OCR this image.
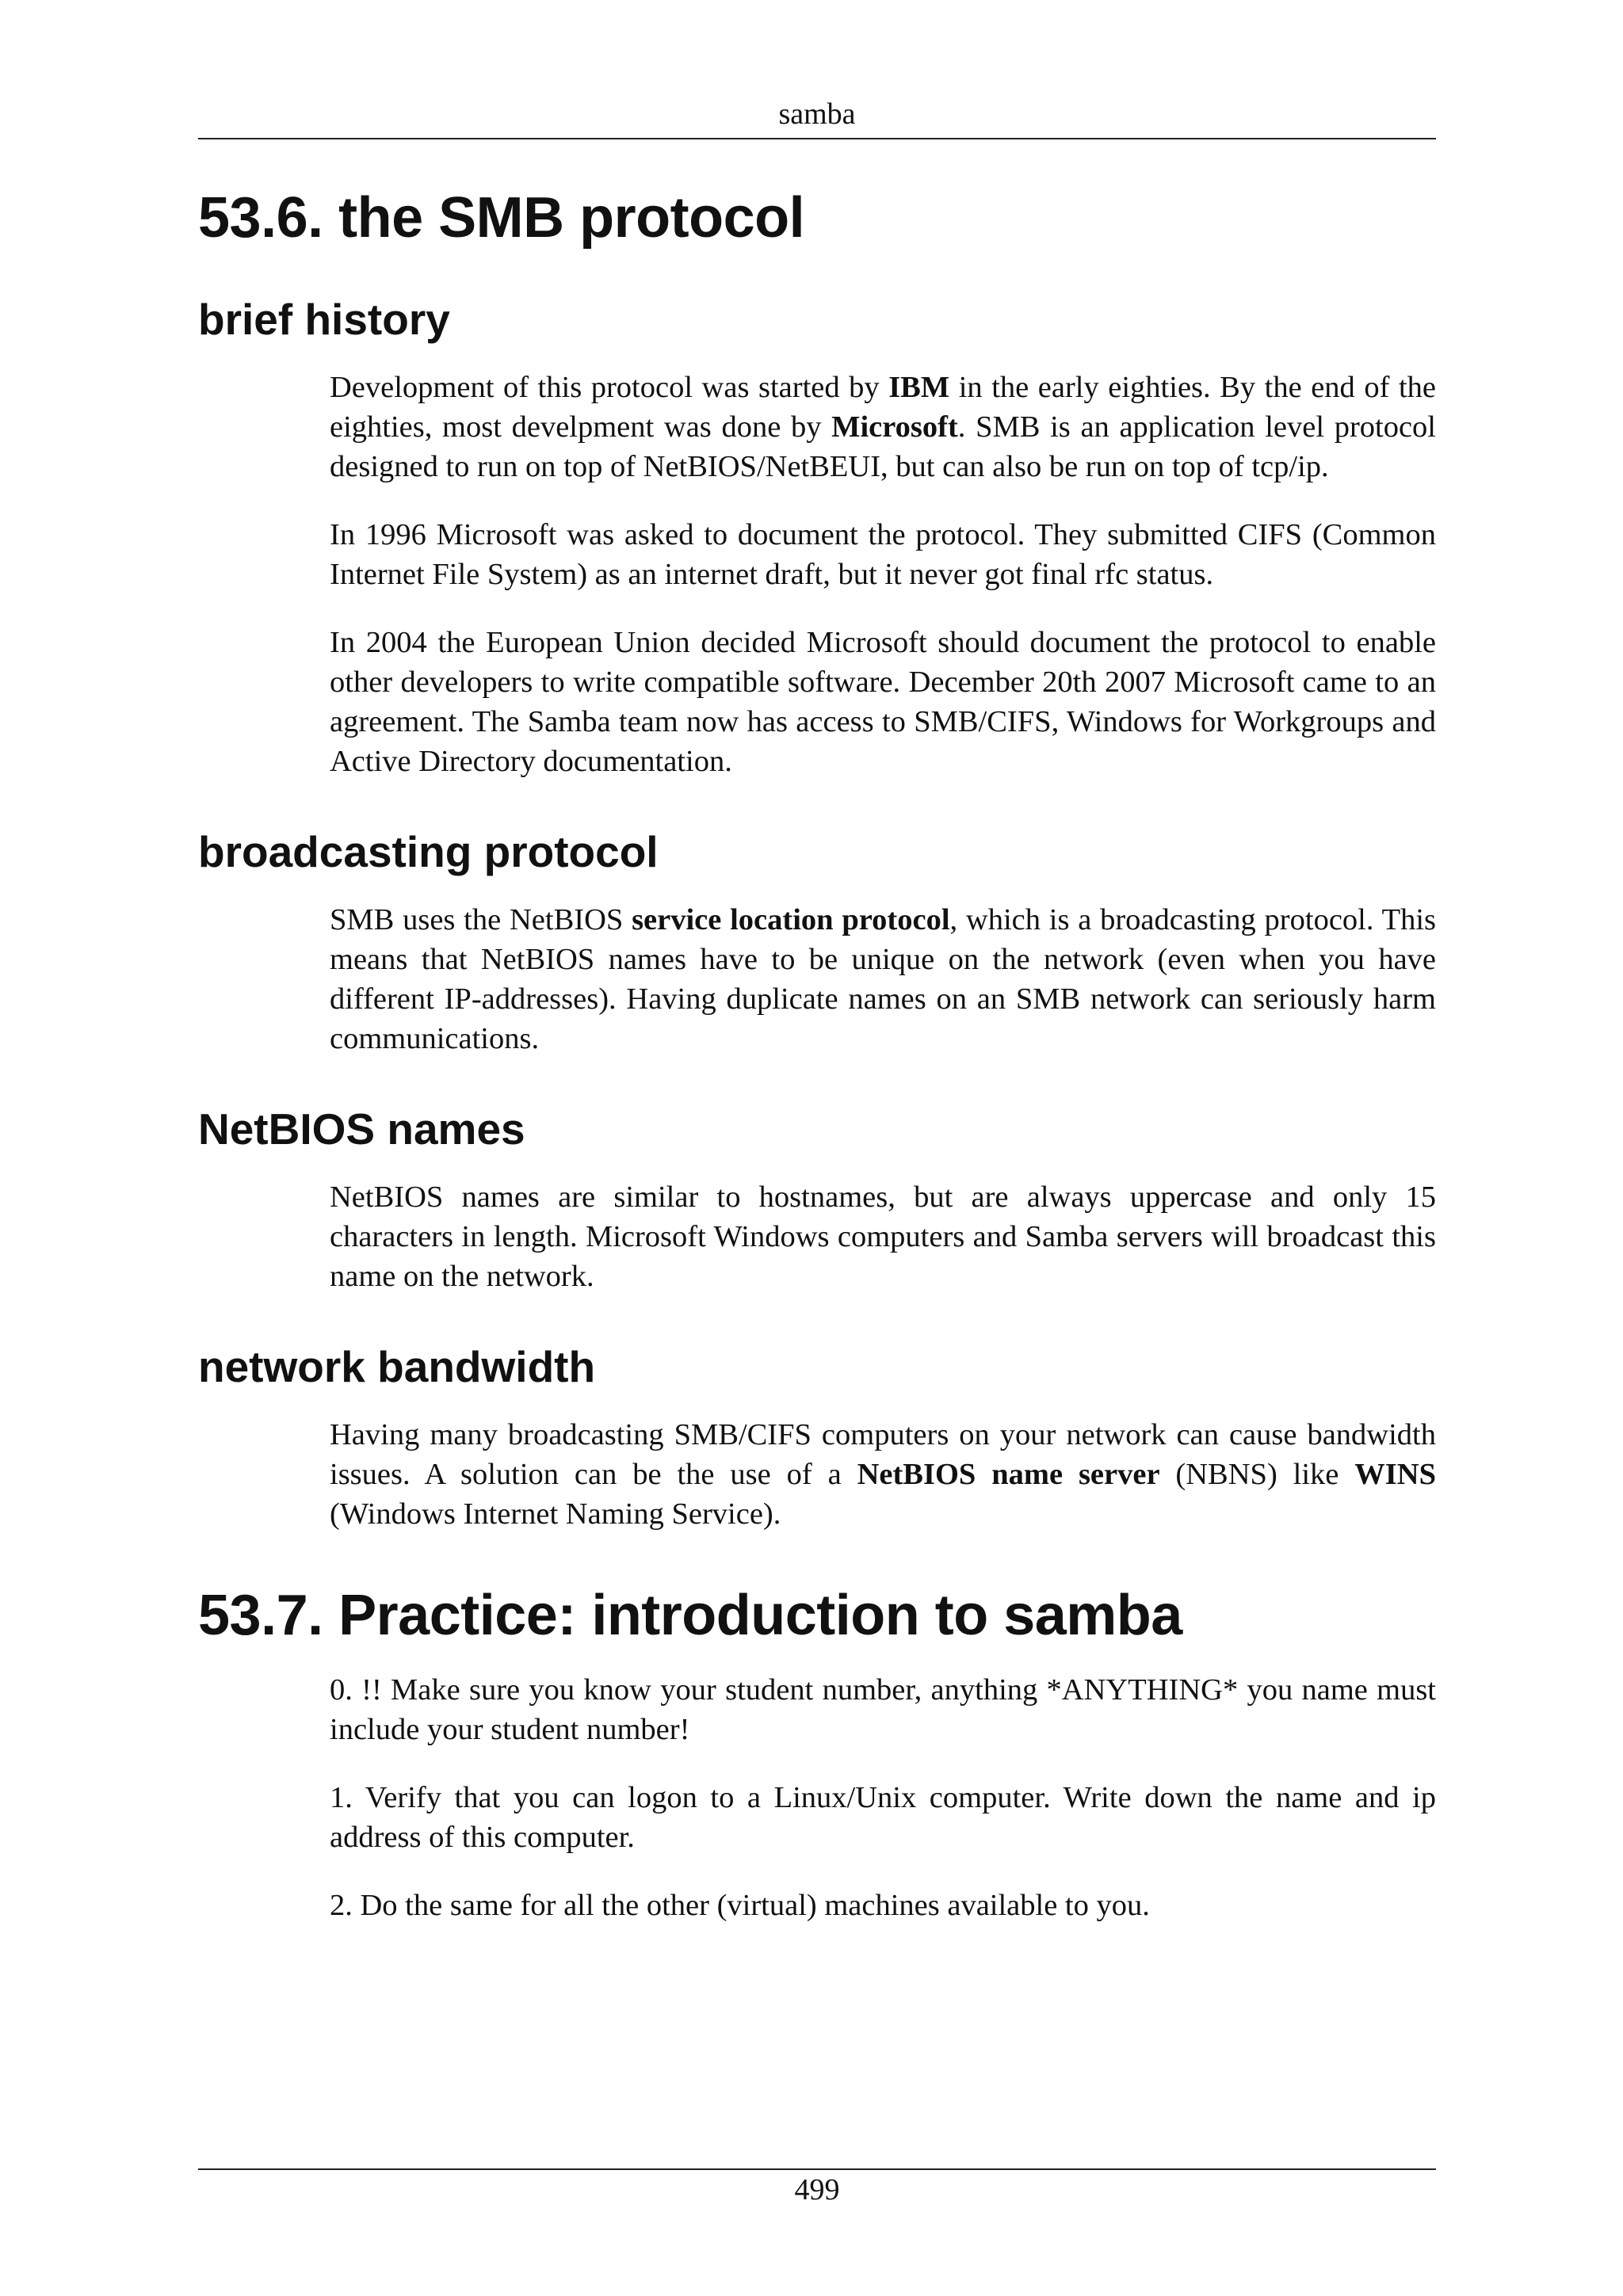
samba
53.6. the SMB protocol
brief history

Development of this protocol was started by IBM in the early eighties. By the end of the eighties, most develpment was done by Microsoft. SMB is an application level protocol designed to run on top of NetBIOS/NetBEUI, but can also be run on top of tcp/ip.

In 1996 Microsoft was asked to document the protocol. They submitted CIFS (Common Internet File System) as an internet draft, but it never got final rfc status.

In 2004 the European Union decided Microsoft should document the protocol to enable other developers to write compatible software. December 20th 2007 Microsoft came to an agreement. The Samba team now has access to SMB/CIFS, Windows for Workgroups and Active Directory documentation.

broadcasting protocol

SMB uses the NetBIOS service location protocol, which is a broadcasting protocol. This means that NetBIOS names have to be unique on the network (even when you have different IP-addresses). Having duplicate names on an SMB network can seriously harm communications.

NetBIOS names

NetBIOS names are similar to hostnames, but are always uppercase and only 15 characters in length. Microsoft Windows computers and Samba servers will broadcast this name on the network.

network bandwidth

Having many broadcasting SMB/CIFS computers on your network can cause bandwidth issues. A solution can be the use of a NetBIOS name server (NBNS) like WINS (Windows Internet Naming Service).

53.7. Practice: introduction to samba

0. !! Make sure you know your student number, anything *ANYTHING* you name must include your student number!

1. Verify that you can logon to a Linux/Unix computer. Write down the name and ip address of this computer.

2. Do the same for all the other (virtual) machines available to you.

499
